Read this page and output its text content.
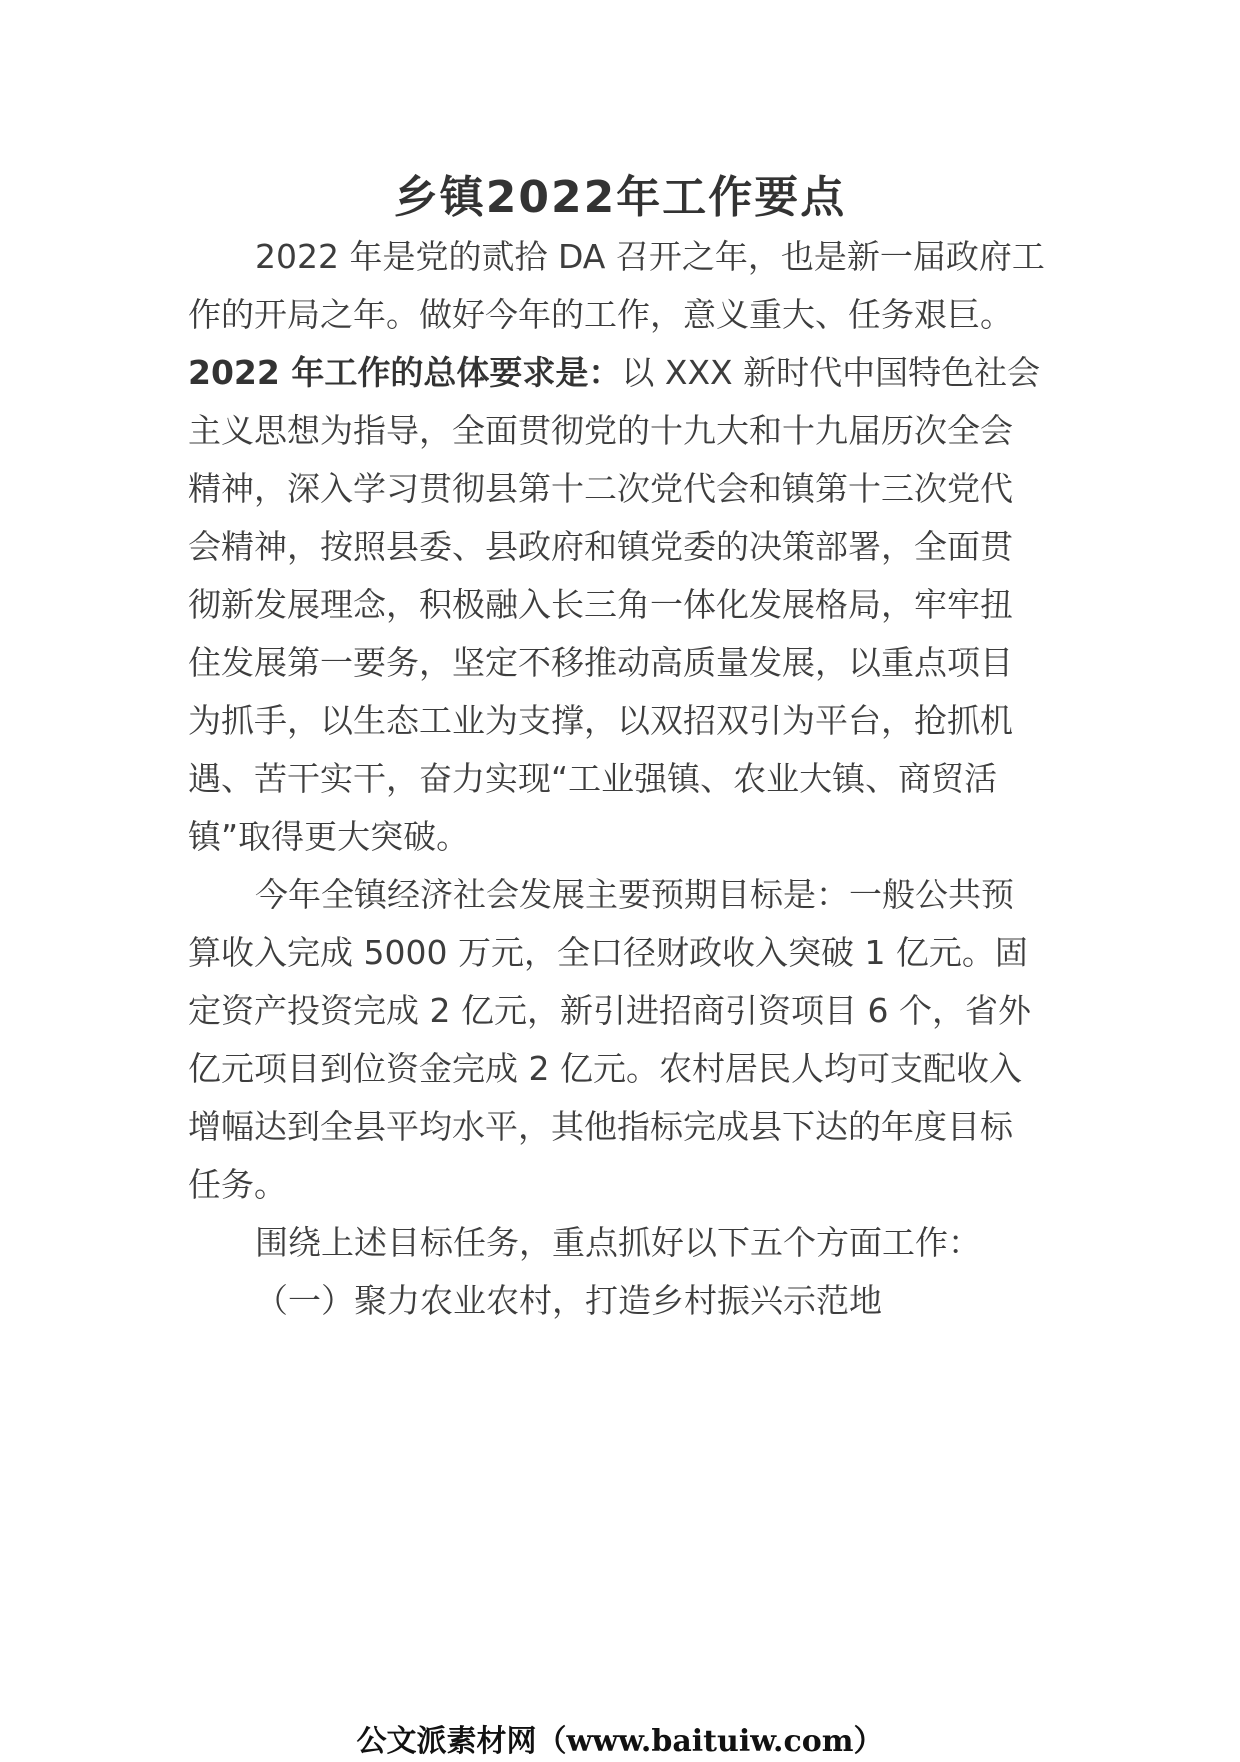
乡镇2022年工作要点

2022 年是党的贰拾 DA 召开之年，也是新一届政府工

作的开局之年。做好今年的工作，意义重大、任务艰巨。

2022 年工作的总体要求是：以 XXX 新时代中国特色社会

主义思想为指导，全面贯彻党的十九大和十九届历次全会

精神，深入学习贯彻县第十二次党代会和镇第十三次党代

会精神，按照县委、县政府和镇党委的决策部署，全面贯

彻新发展理念，积极融入长三角一体化发展格局，牢牢扭

住发展第一要务，坚定不移推动高质量发展，以重点项目

为抓手，以生态工业为支撑，以双招双引为平台，抢抓机

遇、苦干实干，奋力实现“工业强镇、农业大镇、商贸活

镇”取得更大突破。

今年全镇经济社会发展主要预期目标是：一般公共预

算收入完成 5000 万元，全口径财政收入突破 1 亿元。固

定资产投资完成 2 亿元，新引进招商引资项目 6 个，省外

亿元项目到位资金完成 2 亿元。农村居民人均可支配收入

增幅达到全县平均水平，其他指标完成县下达的年度目标

任务。

围绕上述目标任务，重点抓好以下五个方面工作：

（一）聚力农业农村，打造乡村振兴示范地

公文派素材网（www.baituiw.com）
